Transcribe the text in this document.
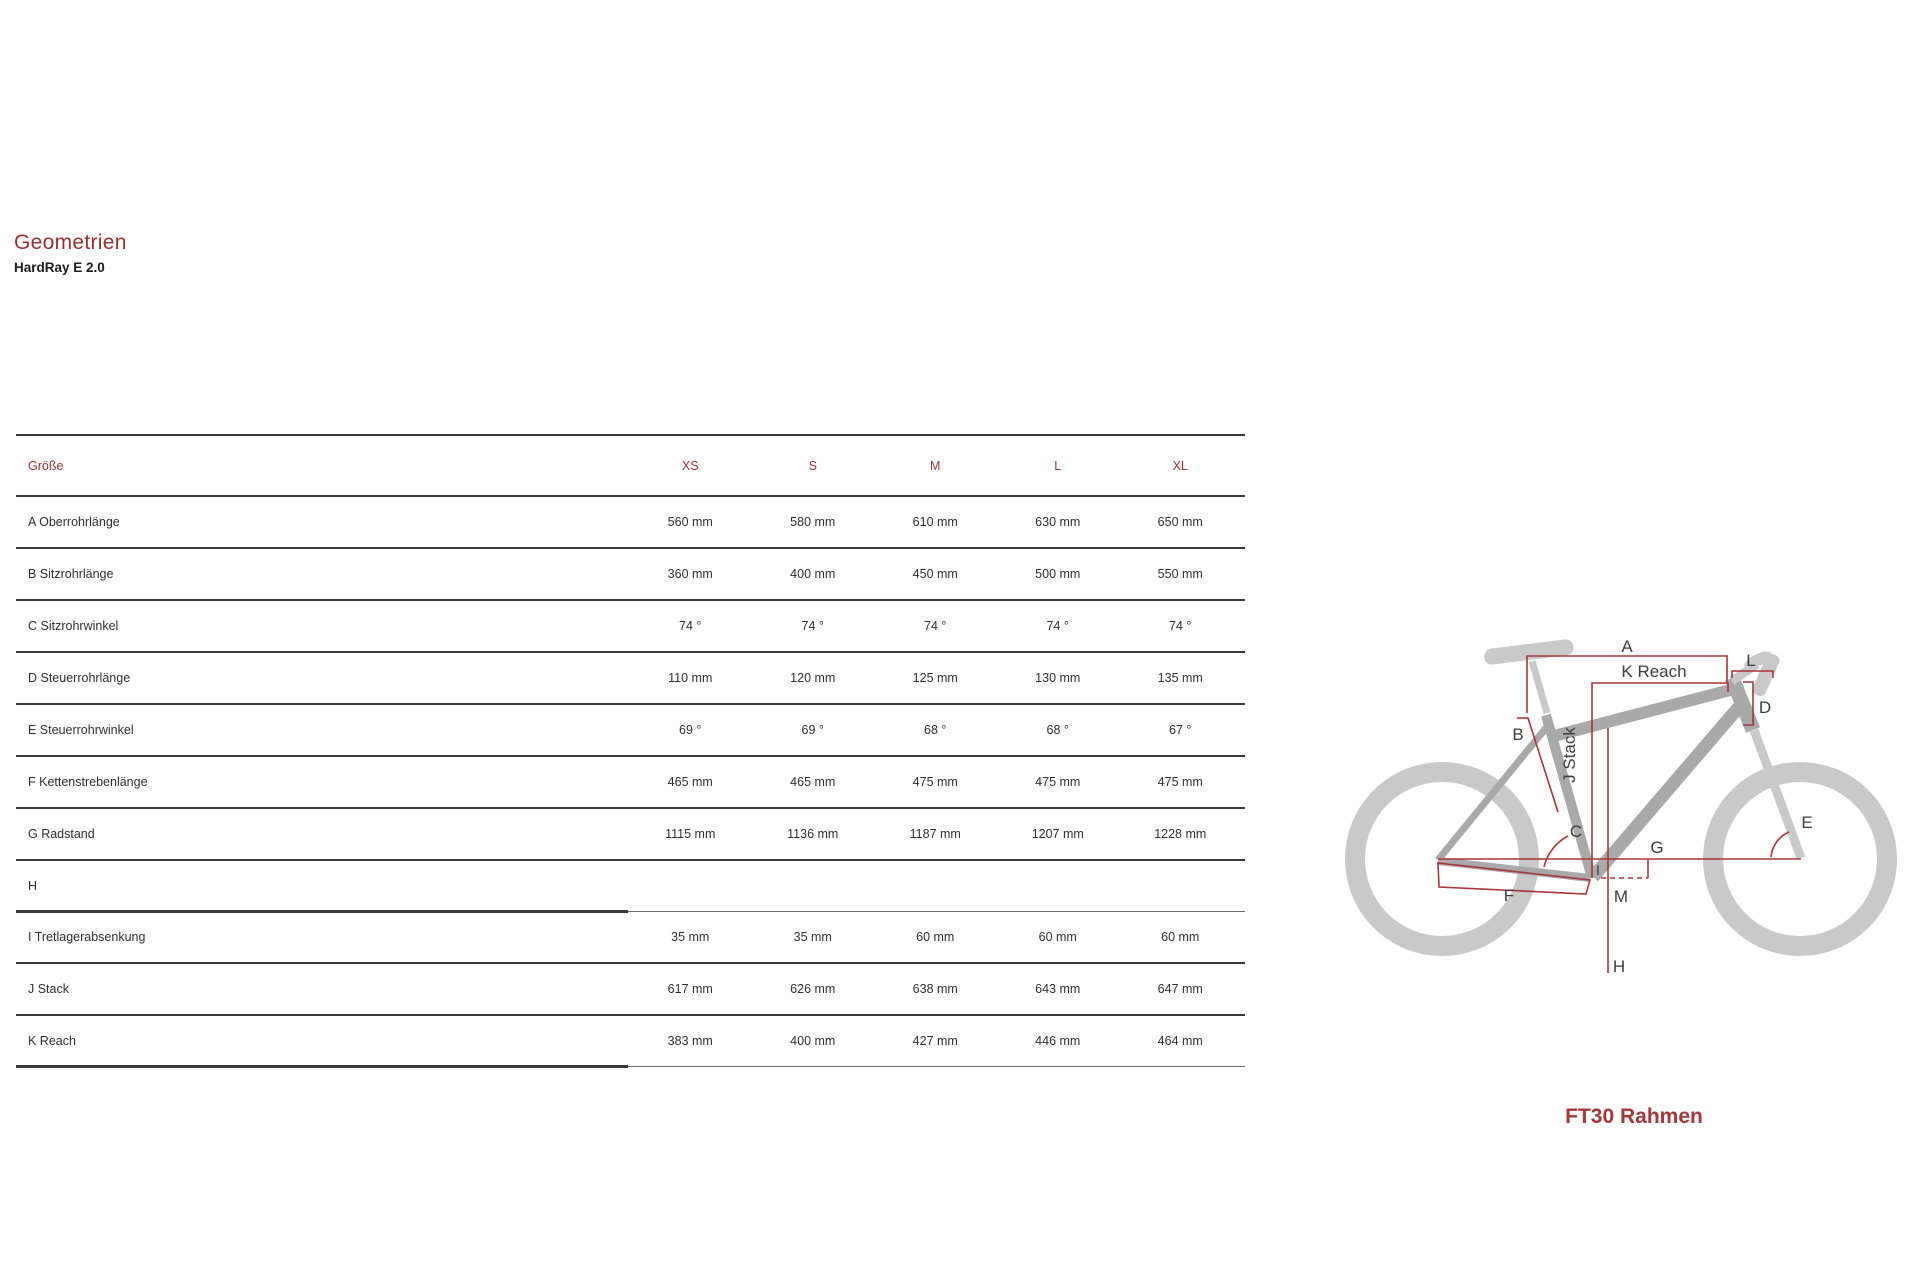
Geometrien
HardRay E 2.0
Größe	XS	S	M	L	XL
A Oberrohrlänge	560 mm	580 mm	610 mm	630 mm	650 mm
B Sitzrohrlänge	360 mm	400 mm	450 mm	500 mm	550 mm
C Sitzrohrwinkel	74 °	74 °	74 °	74 °	74 °
D Steuerrohrlänge	110 mm	120 mm	125 mm	130 mm	135 mm
E Steuerrohrwinkel	69 °	69 °	68 °	68 °	67 °
F Kettenstrebenlänge	465 mm	465 mm	475 mm	475 mm	475 mm
G Radstand	1115 mm	1136 mm	1187 mm	1207 mm	1228 mm
H
I Tretlagerabsenkung	35 mm	35 mm	60 mm	60 mm	60 mm
J Stack	617 mm	626 mm	638 mm	643 mm	647 mm
K Reach	383 mm	400 mm	427 mm	446 mm	464 mm
A
K Reach
L
D
B J Stack
C	E
G
F
I
M
H
FT30 Rahmen
